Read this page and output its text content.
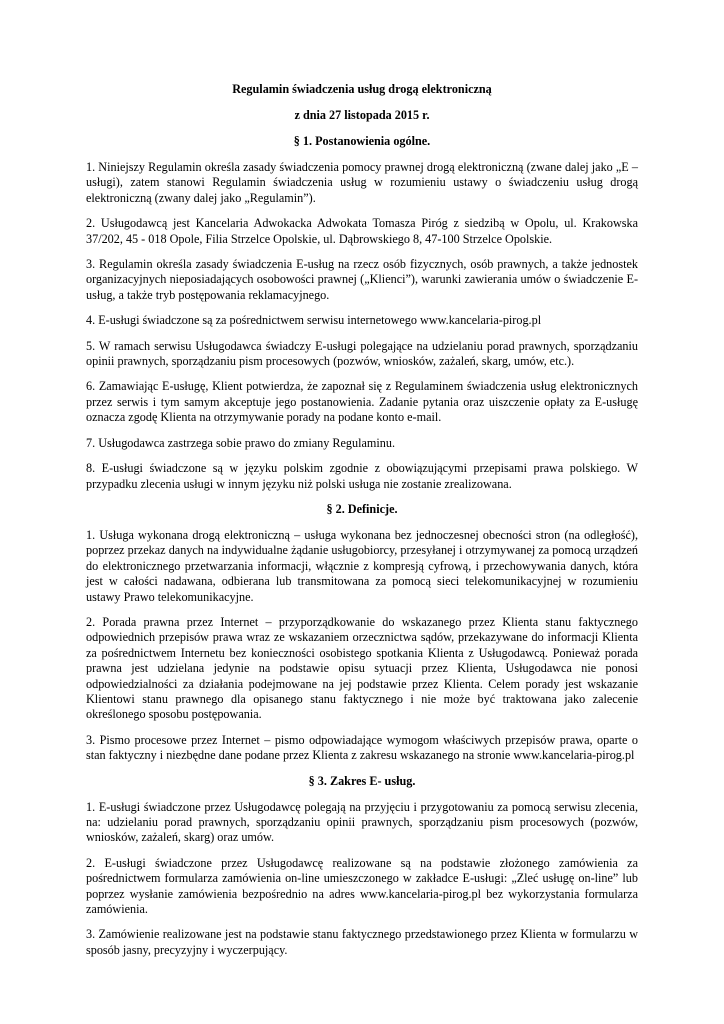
Regulamin świadczenia usług drogą elektroniczną

z dnia 27 listopada 2015 r.

§ 1. Postanowienia ogólne.

1. Niniejszy Regulamin określa zasady świadczenia pomocy prawnej drogą elektroniczną (zwane dalej jako „E – usługi), zatem stanowi Regulamin świadczenia usług w rozumieniu ustawy o świadczeniu usług drogą elektroniczną (zwany dalej jako „Regulamin”).

2. Usługodawcą jest Kancelaria Adwokacka Adwokata Tomasza Piróg z siedzibą w Opolu, ul. Krakowska 37/202, 45 - 018 Opole, Filia Strzelce Opolskie, ul. Dąbrowskiego 8, 47-100 Strzelce Opolskie.

3. Regulamin określa zasady świadczenia E-usług na rzecz osób fizycznych, osób prawnych, a także jednostek organizacyjnych nieposiadających osobowości prawnej („Klienci”), warunki zawierania umów o świadczenie E-usług, a także tryb postępowania reklamacyjnego.

4. E-usługi świadczone są za pośrednictwem serwisu internetowego www.kancelaria-pirog.pl

5. W ramach serwisu Usługodawca świadczy E-usługi polegające na udzielaniu porad prawnych, sporządzaniu opinii prawnych, sporządzaniu pism procesowych (pozwów, wniosków, zażaleń, skarg, umów, etc.).

6. Zamawiając E-usługę, Klient potwierdza, że zapoznał się z Regulaminem świadczenia usług elektronicznych przez serwis i tym samym akceptuje jego postanowienia. Zadanie pytania oraz uiszczenie opłaty za E-usługę oznacza zgodę Klienta na otrzymywanie porady na podane konto e-mail.

7. Usługodawca zastrzega sobie prawo do zmiany Regulaminu.

8. E-usługi świadczone są w języku polskim zgodnie z obowiązującymi przepisami prawa polskiego. W przypadku zlecenia usługi w innym języku niż polski usługa nie zostanie zrealizowana.

§ 2. Definicje.

1. Usługa wykonana drogą elektroniczną – usługa wykonana bez jednoczesnej obecności stron (na odległość), poprzez przekaz danych na indywidualne żądanie usługobiorcy, przesyłanej i otrzymywanej za pomocą urządzeń do elektronicznego przetwarzania informacji, włącznie z kompresją cyfrową, i przechowywania danych, która jest w całości nadawana, odbierana lub transmitowana za pomocą sieci telekomunikacyjnej w rozumieniu ustawy Prawo telekomunikacyjne.

2. Porada prawna przez Internet – przyporządkowanie do wskazanego przez Klienta stanu faktycznego odpowiednich przepisów prawa wraz ze wskazaniem orzecznictwa sądów, przekazywane do informacji Klienta za pośrednictwem Internetu bez konieczności osobistego spotkania Klienta z Usługodawcą. Ponieważ porada prawna jest udzielana jedynie na podstawie opisu sytuacji przez Klienta, Usługodawca nie ponosi odpowiedzialności za działania podejmowane na jej podstawie przez Klienta. Celem porady jest wskazanie Klientowi stanu prawnego dla opisanego stanu faktycznego i nie może być traktowana jako zalecenie określonego sposobu postępowania.

3. Pismo procesowe przez Internet – pismo odpowiadające wymogom właściwych przepisów prawa, oparte o stan faktyczny i niezbędne dane podane przez Klienta z zakresu wskazanego na stronie www.kancelaria-pirog.pl

§ 3. Zakres E- usług.

1. E-usługi świadczone przez Usługodawcę polegają na przyjęciu i przygotowaniu za pomocą serwisu zlecenia, na: udzielaniu porad prawnych, sporządzaniu opinii prawnych, sporządzaniu pism procesowych (pozwów, wniosków, zażaleń, skarg) oraz umów.

2. E-usługi świadczone przez Usługodawcę realizowane są na podstawie złożonego zamówienia za pośrednictwem formularza zamówienia on-line umieszczonego w zakładce E-usługi: „Zleć usługę on-line” lub poprzez wysłanie zamówienia bezpośrednio na adres www.kancelaria-pirog.pl bez wykorzystania formularza zamówienia.

3. Zamówienie realizowane jest na podstawie stanu faktycznego przedstawionego przez Klienta w formularzu w sposób jasny, precyzyjny i wyczerpujący.
